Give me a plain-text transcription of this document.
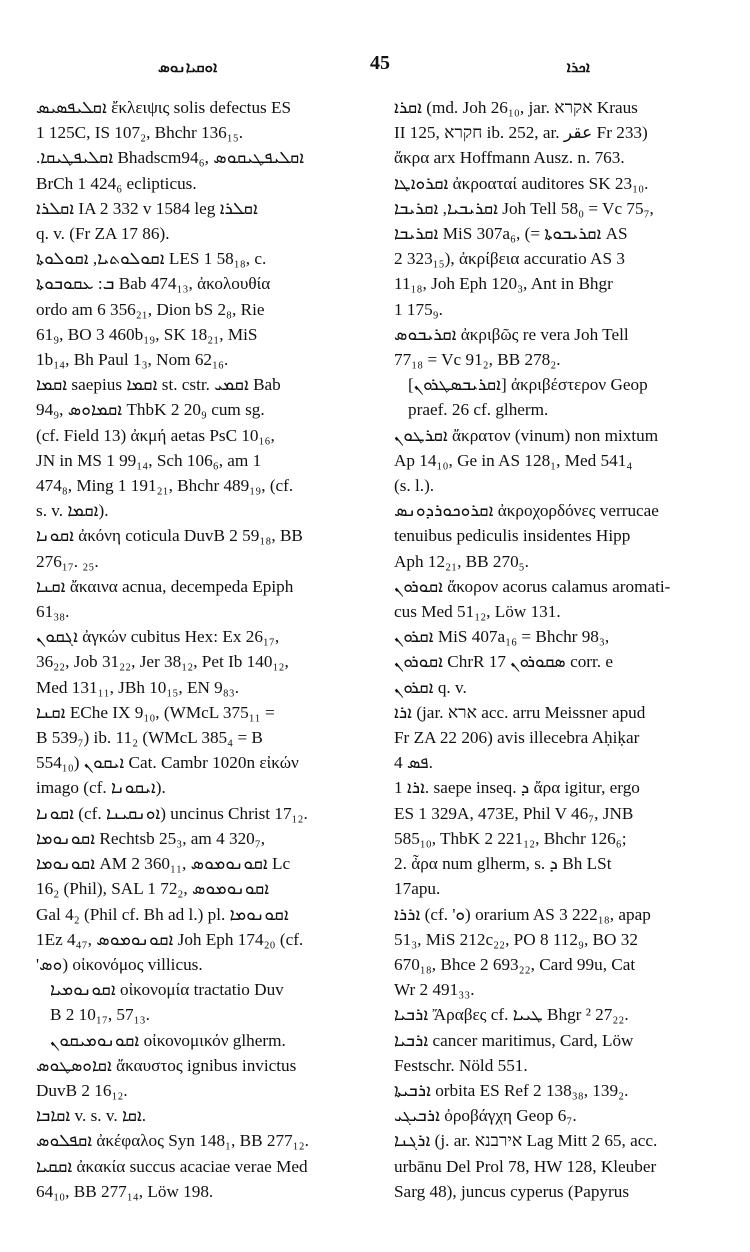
ܐܘܩܝܐܢܘܣ	45	ܐܟܪܐ
ܐܩܠܝܦܣܝܣ ἔκλειψις solis defectus ES
1 125C, IS 107₂, Bhchr 136₁₅.
.ܐܩܠܝܦܛܝܩܐ Bhadscm94₆, ܐܩܠܝܦܛܝܩܘܣ
BrCh 1 424₆ eclipticus.
ܐܩܠܪܐ IA 2 332 v 1584 leg ܐܩܠܪܐ
q. v. (Fr ZA 17 86).
ܐܩܘܠܘܬܝܐ, ܐܩܘܠܘܬܐ LES 1 58₁₈, c.
ܒ: ܥܩܘܒܘܬܐ Bab 474₁₃, ἀκολουθία
ordo am 6 356₂₁, Dion bS 2₈, Rie
61₉, BO 3 460b₁₉, SK 18₂₁, MiS
1b₁₄, Bh Paul 1₃, Nom 62₁₆.
ܐܩܡܐ saepius ܐܩܡܐ st. cstr. ܐܩܡܝ Bab
94₉, ܐܩܡܐܘܣ ThbK 2 20₉ cum sg.
(cf. Field 13) ἀκμή aetas PsC 10₁₆,
JN in MS 1 99₁₄, Sch 106₆, am 1
474₈, Ming 1 191₂₁, Bhchr 489₁₉, (cf.
s. v. ܐܩܡܐ).
ܐܩܘܢܐ ἀκόνη coticula DuvB 2 59₁₈, BB
276₁₇. ₂₅.
ܐܩܢܐ ἄκαινα acnua, decempeda Epiph
61₃₈.
ܐܓܩܘܢ ἀγκών cubitus Hex: Ex 26₁₇,
36₂₂, Job 31₂₂, Jer 38₁₂, Pet Ib 140₁₂,
Med 131₁₁, JBh 10₁₅, EN 9₈₃.
ܐܩܢܐ EChe IX 9₁₀, (WMcL 375₁₁ =
B 539₇) ib. 11₂ (WMcL 385₄ = B
554₁₀) ܐܝܩܘܢ Cat. Cambr 1020n εἰκών
imago (cf. ܐܝܩܘܢܐ).
ܐܩܘܢܐ (cf. ܐܘܢܩܝܢܐ) uncinus Christ 17₁₂.
ܐܩܘܢܘܡܐ Rechtsb 25₃, am 4 320₇,
ܐܩܘܢܘܡܐ AM 2 360₁₁, ܐܩܘܢܘܡܘܣ Lc
16₂ (Phil), SAL 1 72₂, ܐܩܘܢܘܡܘܣ
Gal 4₂ (Phil cf. Bh ad l.) pl. ܐܩܘܢܘܡܐ
1Ez 4₄₇, ܐܩܘܢܘܡܘܣ Joh Eph 174₂₀ (cf.
'ܘܣ) οἰκονόμος villicus.
ܐܩܘܢܘܡܝܐ οἰκονομία tractatio Duv
B 2 10₁₇, 57₁₃.
ܐܩܘܢܘܡܝܩܘܢ οἰκονομικόν glherm.
ܐܩܐܘܣܛܘܣ ἄκαυστος ignibus invictus
DuvB 2 16₁₂.
ܐܩܐܒܐ v. s. v. ܐܩܐ.
ܐܩܦܠܘܣ ἀκέφαλος Syn 148₁, BB 277₁₂.
ܐܩܩܝܐ ἀκακία succus acaciae verae Med
64₁₀, BB 277₁₄, Löw 198.
ܐܩܪܐ (md. Joh 26₁₀, jar. אקרא Kraus
II 125, חקרא ib. 252, ar. عقر Fr 233)
ἄκρα arx Hoffmann Ausz. n. 763.
ܐܩܪܘܐܛܐ ἀκροαταί auditores SK 23₁₀.
ܐܩܪܝܒܝܐ, ܐܩܪܝܒܐ Joh Tell 58₀ = Vc 75₇,
ܐܩܪܝܒܐ MiS 307a₆, (= ܐܩܪܝܒܘܬܐ AS
2 323₁₅), ἀκρίβεια accuratio AS 3
11₁₈, Joh Eph 120₃, Ant in Bhgr
1 175₉.
ܐܩܪܝܒܘܣ ἀκριβῶς re vera Joh Tell
77₁₈ = Vc 91₂, BB 278₂.
[ܐܩܪܝܒܣܛܪܘܢ] ἀκριβέστερον Geop
praef. 26 cf. glherm.
ܐܩܪܛܘܢ ἄκρατον (vinum) non mixtum
Ap 14₁₀, Ge in AS 128₁, Med 541₄
(s. l.).
ܐܩܪܘܟܘܪܕܘܢܣ ἀκροχορδόνες verrucae
tenuibus pediculis insidentes Hipp
Aph 12₂₁, BB 270₅.
ܐܩܘܪܘܢ ἄκορον acorus calamus aromati-
cus Med 51₁₂, Löw 131.
ܐܩܪܘܢ MiS 407a₁₆ = Bhchr 98₃,
ܐܩܘܪܘܢ ChrR ܣܩܘܪܘܢ 17 corr. e
ܐܩܪܘܢ q. v.
ܐܪܐ (jar. ארא acc. arru Meissner apud
Fr ZA 22 206) avis illecebra Aḥiḳar
ܦܣ 4.
ܐܪܐ 1. saepe inseq. ܕ ἄρα igitur, ergo
ES 1 329A, 473E, Phil V 46₇, JNB
585₁₀, ThbK 2 221₁₂, Bhchr 126₆;
2. ἆρα num glherm, s. ܕ Bh LSt
17apu.
ܐܪܪܐ (cf. 'ܘ) orarium AS 3 222₁₈, apap
51₃, MiS 212c₂₂, PO 8 112₉, BO 32
670₁₈, Bhce 2 693₂₂, Card 99u, Cat
Wr 2 491₃₃.
ܐܪܒܝܐ Ἄραβες cf. ܛܝܝܐ Bhgr ² 27₂₂.
ܐܪܒܝܐ cancer maritimus, Card, Löw
Festschr. Nöld 551.
ܐܪܒܝܬܐ orbita ES Ref 2 138₃₈, 139₂.
ܐܪܒܝܓܝ ὀροβάγχη Geop 6₇.
ܐܪܓܢܐ (j. ar. אירבנא Lag Mitt 2 65, acc.
urbānu Del Prol 78, HW 128, Kleuber
Sarg 48), juncus cyperus (Papyrus
